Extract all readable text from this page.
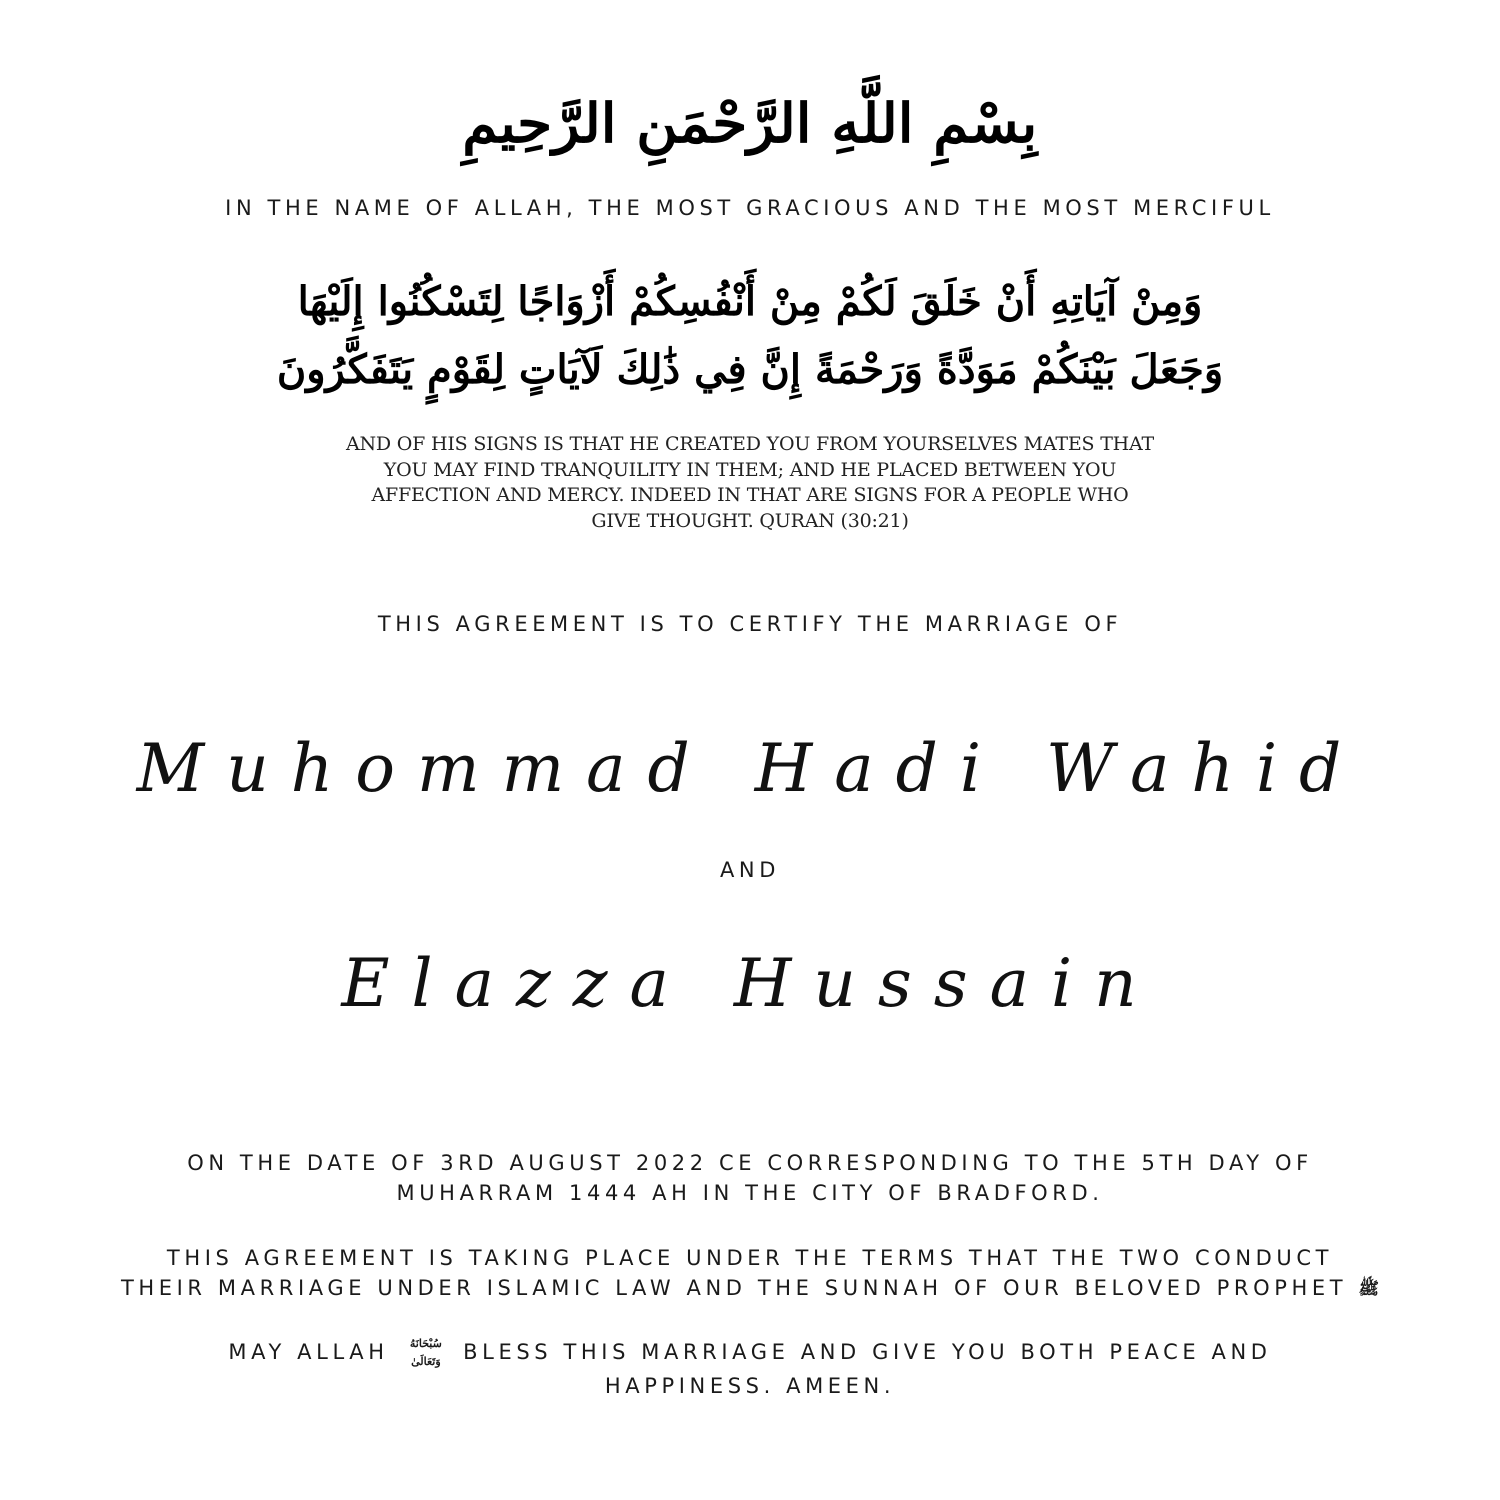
بِسْمِ اللَّهِ الرَّحْمَنِ الرَّحِيمِ
IN THE NAME OF ALLAH, THE MOST GRACIOUS AND THE MOST MERCIFUL
وَمِنْ آيَاتِهِ أَنْ خَلَقَ لَكُمْ مِنْ أَنْفُسِكُمْ أَزْوَاجًا لِتَسْكُنُوا إِلَيْهَا
وَجَعَلَ بَيْنَكُمْ مَوَدَّةً وَرَحْمَةً إِنَّ فِي ذَٰلِكَ لَآيَاتٍ لِقَوْمٍ يَتَفَكَّرُونَ
AND OF HIS SIGNS IS THAT HE CREATED YOU FROM YOURSELVES MATES THAT
YOU MAY FIND TRANQUILITY IN THEM; AND HE PLACED BETWEEN YOU
AFFECTION AND MERCY. INDEED IN THAT ARE SIGNS FOR A PEOPLE WHO
GIVE THOUGHT. QURAN (30:21)
THIS AGREEMENT IS TO CERTIFY THE MARRIAGE OF
Muhommad Hadi Wahid
AND
Elazza Hussain
ON THE DATE OF 3RD AUGUST 2022 CE CORRESPONDING TO THE 5TH DAY OF
MUHARRAM 1444 AH IN THE CITY OF BRADFORD.
THIS AGREEMENT IS TAKING PLACE UNDER THE TERMS THAT THE TWO CONDUCT
THEIR MARRIAGE UNDER ISLAMIC LAW AND THE SUNNAH OF OUR BELOVED PROPHET ﷺ
MAY ALLAH سُبْحَانَهُ وَتَعَالَىٰ BLESS THIS MARRIAGE AND GIVE YOU BOTH PEACE AND
HAPPINESS. AMEEN.
